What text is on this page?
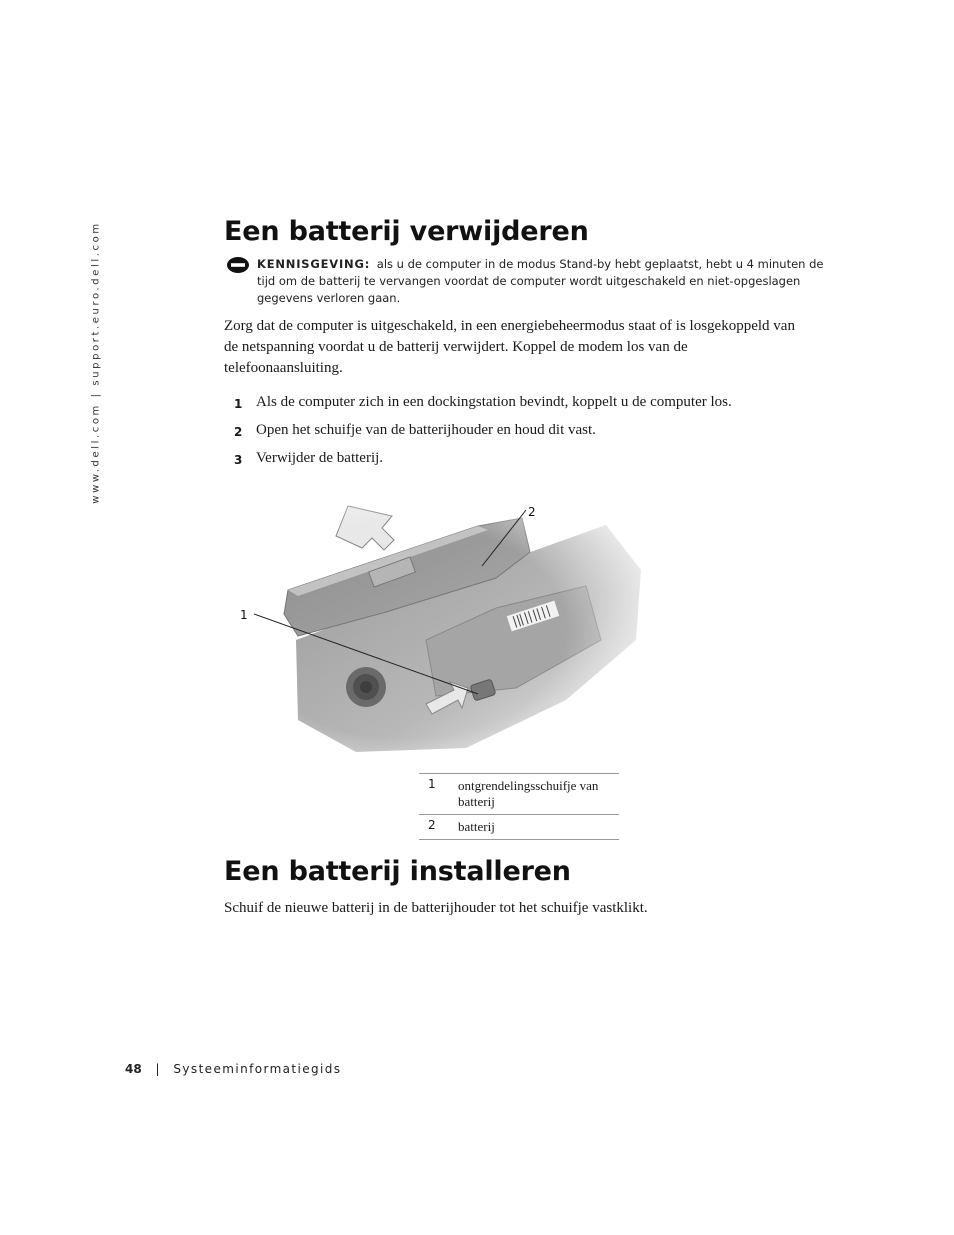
www.dell.com | support.euro.dell.com	Een batterij verwijderen
KENNISGEVING: als u de computer in de modus Stand-by hebt geplaatst, hebt u 4 minuten de tijd om de batterij te vervangen voordat de computer wordt uitgeschakeld en niet-opgeslagen gegevens verloren gaan.

Zorg dat de computer is uitgeschakeld, in een energiebeheermodus staat of is losgekoppeld van de netspanning voordat u de batterij verwijdert. Koppel de modem los van de telefoonaansluiting.

1 Als de computer zich in een dockingstation bevindt, koppelt u de computer los.
2 Open het schuifje van de batterijhouder en houd dit vast.
3 Verwijder de batterij.
1
2
1	ontgrendelingsschuifje van batterij
2	batterij
Een batterij installeren

Schuif de nieuwe batterij in de batterijhouder tot het schuifje vastklikt.

48 | Systeeminformatiegids
